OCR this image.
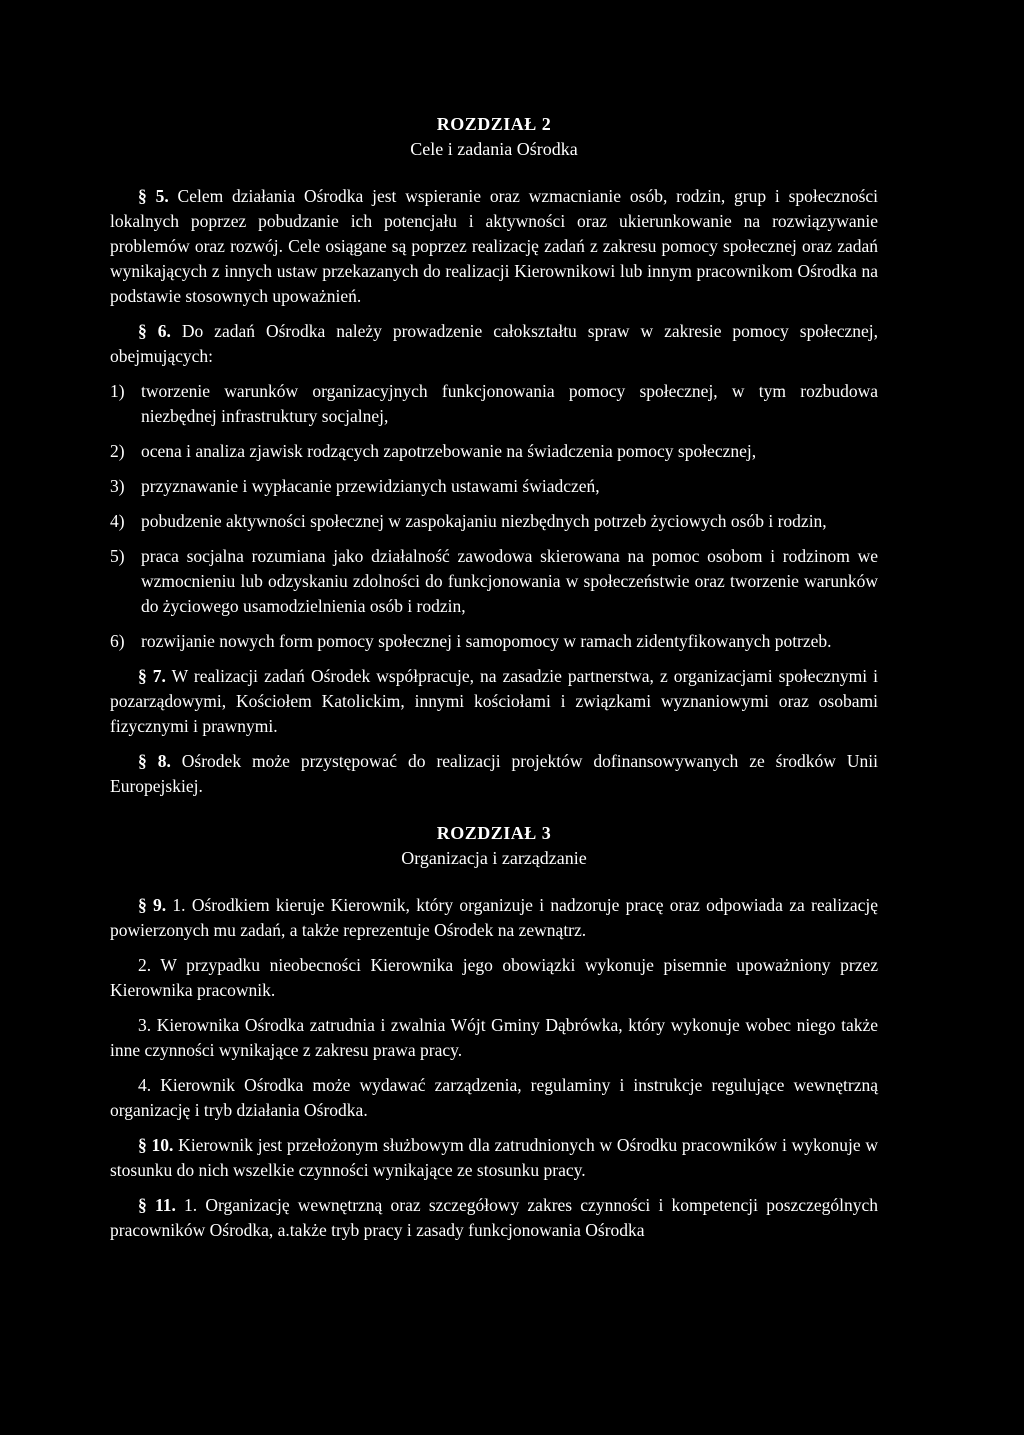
ROZDZIAŁ 2
Cele i zadania Ośrodka

§ 5. Celem działania Ośrodka jest wspieranie oraz wzmacnianie osób, rodzin, grup i społeczności lokalnych poprzez pobudzanie ich potencjału i aktywności oraz ukierunkowanie na rozwiązywanie problemów oraz rozwój. Cele osiągane są poprzez realizację zadań z zakresu pomocy społecznej oraz zadań wynikających z innych ustaw przekazanych do realizacji Kierownikowi lub innym pracownikom Ośrodka na podstawie stosownych upoważnień.

§ 6. Do zadań Ośrodka należy prowadzenie całokształtu spraw w zakresie pomocy społecznej, obejmujących:

1) tworzenie warunków organizacyjnych funkcjonowania pomocy społecznej, w tym rozbudowa niezbędnej infrastruktury socjalnej,
2) ocena i analiza zjawisk rodzących zapotrzebowanie na świadczenia pomocy społecznej,
3) przyznawanie i wypłacanie przewidzianych ustawami świadczeń,
4) pobudzenie aktywności społecznej w zaspokajaniu niezbędnych potrzeb życiowych osób i rodzin,
5) praca socjalna rozumiana jako działalność zawodowa skierowana na pomoc osobom i rodzinom we wzmocnieniu lub odzyskaniu zdolności do funkcjonowania w społeczeństwie oraz tworzenie warunków do życiowego usamodzielnienia osób i rodzin,
6) rozwijanie nowych form pomocy społecznej i samopomocy w ramach zidentyfikowanych potrzeb.

§ 7. W realizacji zadań Ośrodek współpracuje, na zasadzie partnerstwa, z organizacjami społecznymi i pozarządowymi, Kościołem Katolickim, innymi kościołami i związkami wyznaniowymi oraz osobami fizycznymi i prawnymi.

§ 8. Ośrodek może przystępować do realizacji projektów dofinansowywanych ze środków Unii Europejskiej.

ROZDZIAŁ 3
Organizacja i zarządzanie

§ 9. 1. Ośrodkiem kieruje Kierownik, który organizuje i nadzoruje pracę oraz odpowiada za realizację powierzonych mu zadań, a także reprezentuje Ośrodek na zewnątrz.

2. W przypadku nieobecności Kierownika jego obowiązki wykonuje pisemnie upoważniony przez Kierownika pracownik.

3. Kierownika Ośrodka zatrudnia i zwalnia Wójt Gminy Dąbrówka, który wykonuje wobec niego także inne czynności wynikające z zakresu prawa pracy.

4. Kierownik Ośrodka może wydawać zarządzenia, regulaminy i instrukcje regulujące wewnętrzną organizację i tryb działania Ośrodka.

§ 10. Kierownik jest przełożonym służbowym dla zatrudnionych w Ośrodku pracowników i wykonuje w stosunku do nich wszelkie czynności wynikające ze stosunku pracy.

§ 11. 1. Organizację wewnętrzną oraz szczegółowy zakres czynności i kompetencji poszczególnych pracowników Ośrodka, a.także tryb pracy i zasady funkcjonowania Ośrodka
